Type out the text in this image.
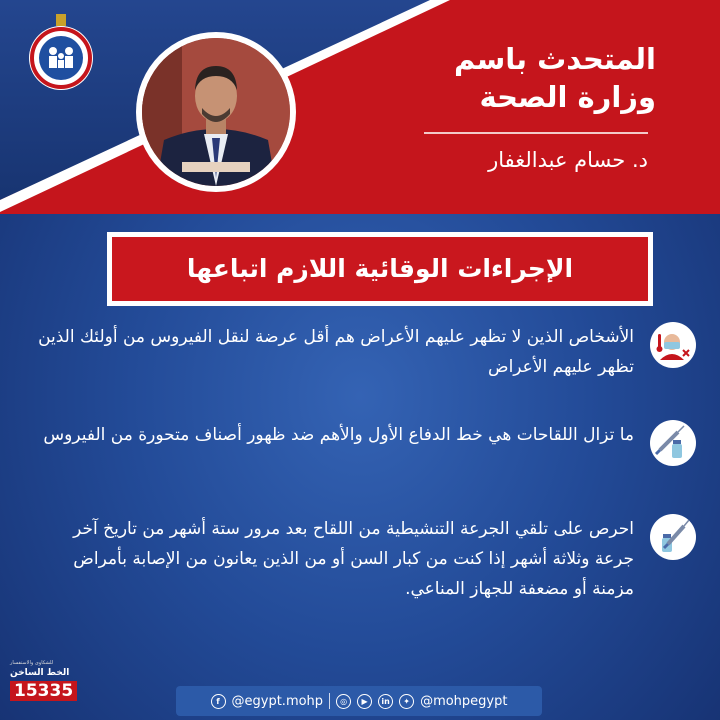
المتحدث باسم
وزارة الصحة
د. حسام عبدالغفار
الإجراءات الوقائية اللازم اتباعها
الأشخاص الذين لا تظهر عليهم الأعراض هم أقل عرضة لنقل الفيروس من أولئك الذين تظهر عليهم الأعراض
ما تزال اللقاحات هي خط الدفاع الأول والأهم ضد ظهور أصناف متحورة من الفيروس
احرص على تلقي الجرعة التنشيطية من اللقاح بعد مرور ستة أشهر من تاريخ آخر جرعة وثلاثة أشهر إذا كنت من كبار السن أو من الذين يعانون من الإصابة بأمراض مزمنة أو مضعفة للجهاز المناعي.
للشكاوى والاستفسار
الخط الساخن
15335	f @egypt.mohp	◎	▶	in	✦ @mohpegypt
